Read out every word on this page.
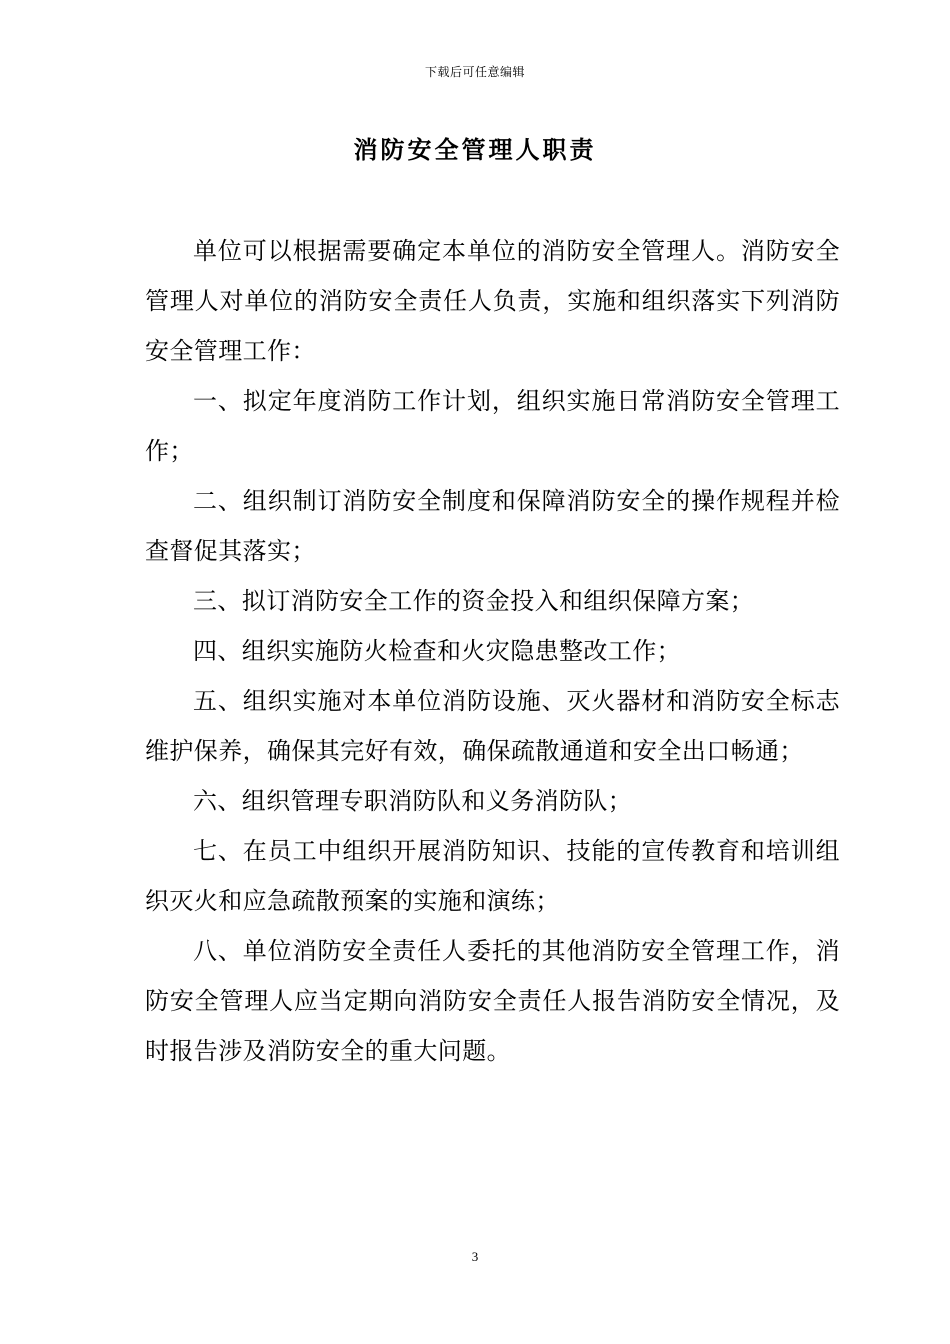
下载后可任意编辑
消防安全管理人职责

单位可以根据需要确定本单位的消防安全管理人。消防安全管理人对单位的消防安全责任人负责，实施和组织落实下列消防安全管理工作：

一、拟定年度消防工作计划，组织实施日常消防安全管理工作；

二、组织制订消防安全制度和保障消防安全的操作规程并检查督促其落实；

三、拟订消防安全工作的资金投入和组织保障方案；

四、组织实施防火检查和火灾隐患整改工作；

五、组织实施对本单位消防设施、灭火器材和消防安全标志维护保养，确保其完好有效，确保疏散通道和安全出口畅通；

六、组织管理专职消防队和义务消防队；

七、在员工中组织开展消防知识、技能的宣传教育和培训组织灭火和应急疏散预案的实施和演练；

八、单位消防安全责任人委托的其他消防安全管理工作，消防安全管理人应当定期向消防安全责任人报告消防安全情况，及时报告涉及消防安全的重大问题。

3
